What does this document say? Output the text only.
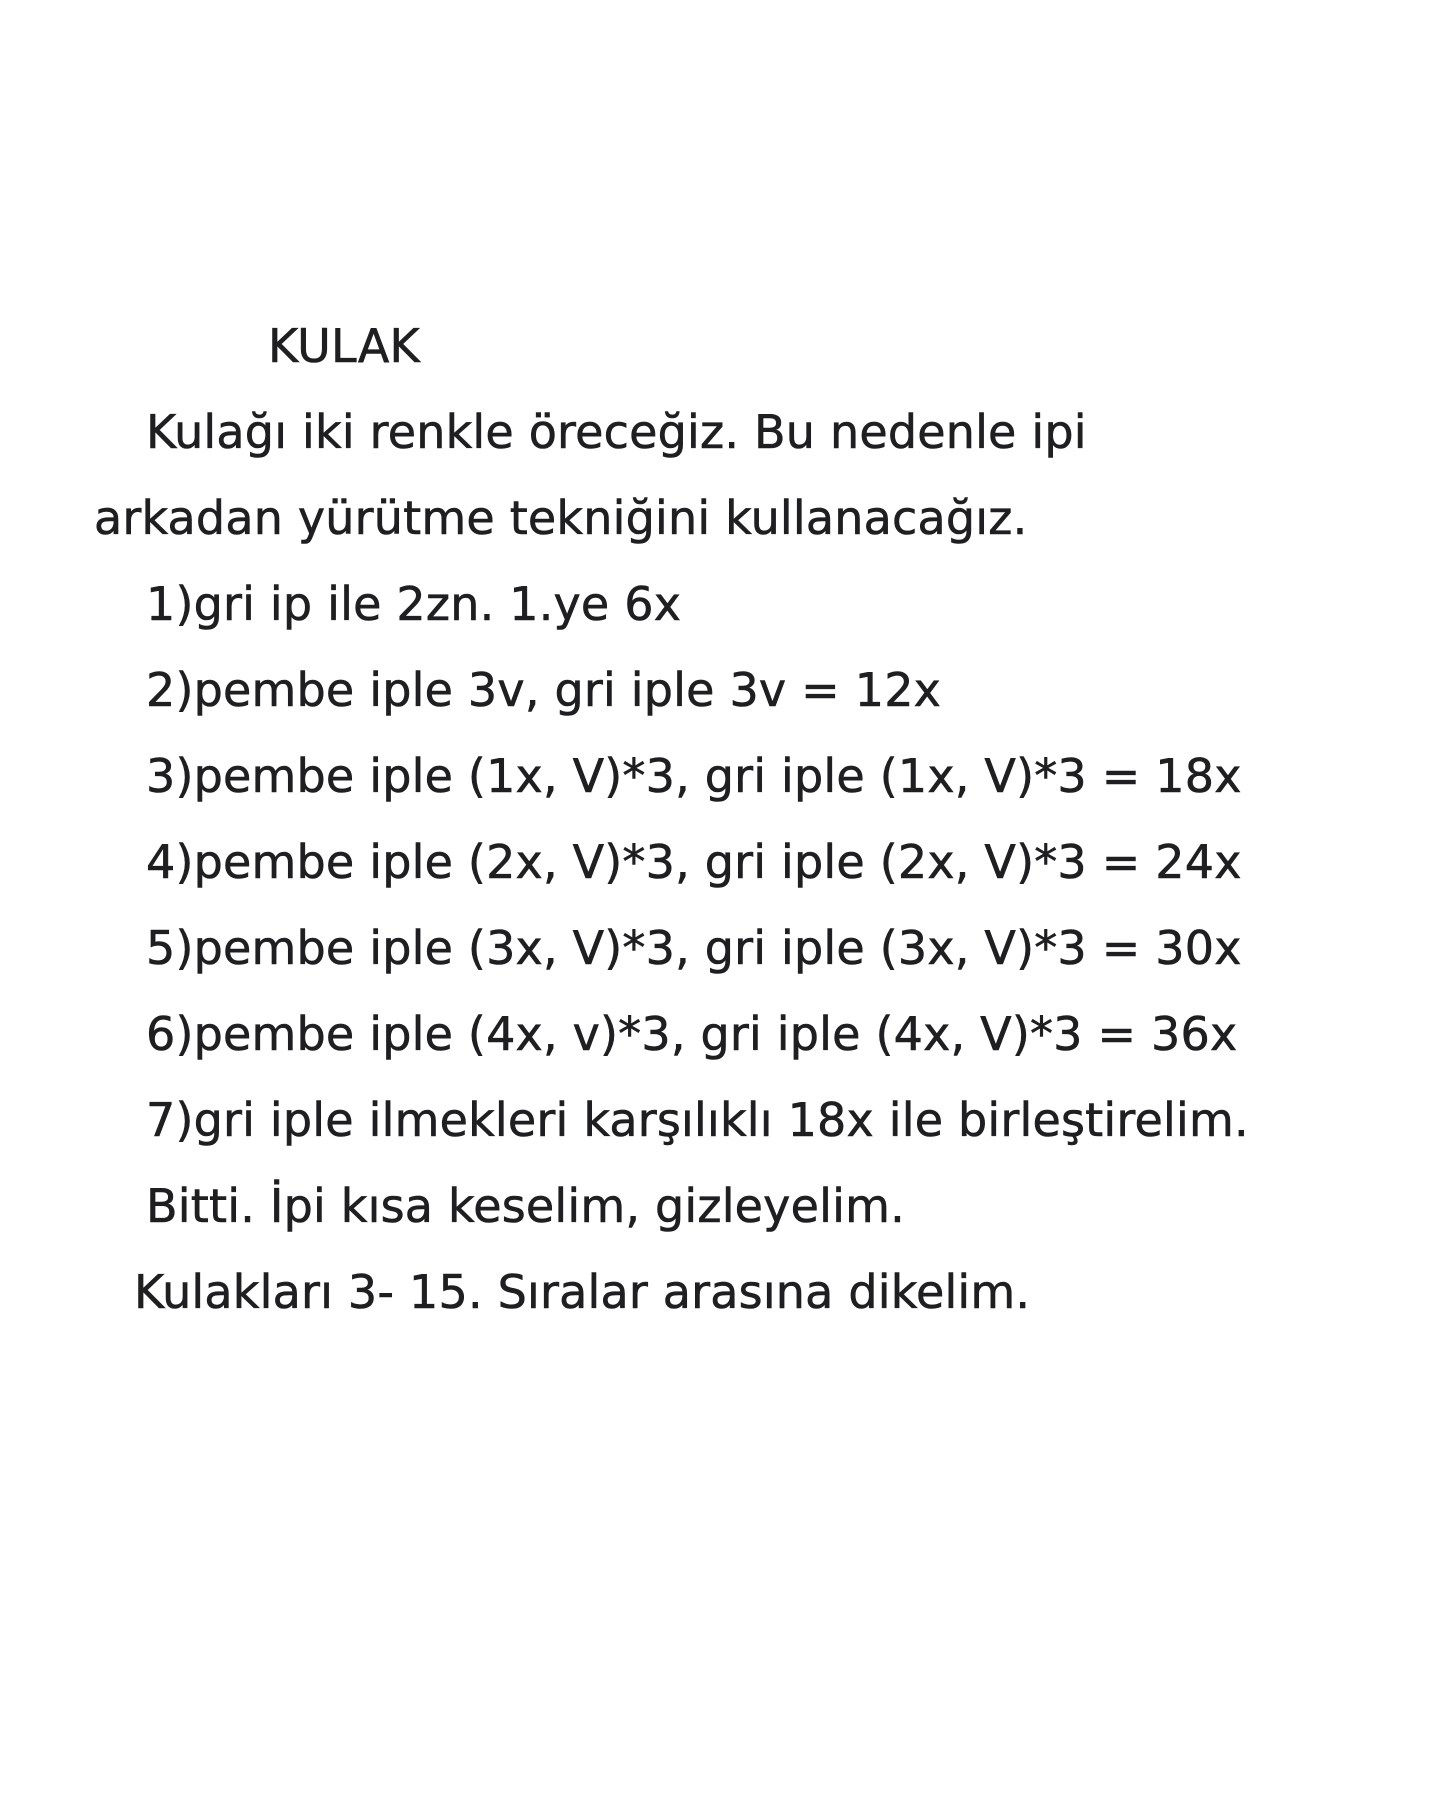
KULAK
Kulağı iki renkle öreceğiz. Bu nedenle ipi
arkadan yürütme tekniğini kullanacağız.
1)gri ip ile 2zn. 1.ye 6x
2)pembe iple 3v, gri iple 3v = 12x
3)pembe iple (1x, V)*3, gri iple (1x, V)*3 = 18x
4)pembe iple (2x, V)*3, gri iple (2x, V)*3 = 24x
5)pembe iple (3x, V)*3, gri iple (3x, V)*3 = 30x
6)pembe iple (4x, v)*3, gri iple (4x, V)*3 = 36x
7)gri iple ilmekleri karşılıklı 18x ile birleştirelim.
Bitti. İpi kısa keselim, gizleyelim.
Kulakları 3- 15. Sıralar arasına dikelim.
